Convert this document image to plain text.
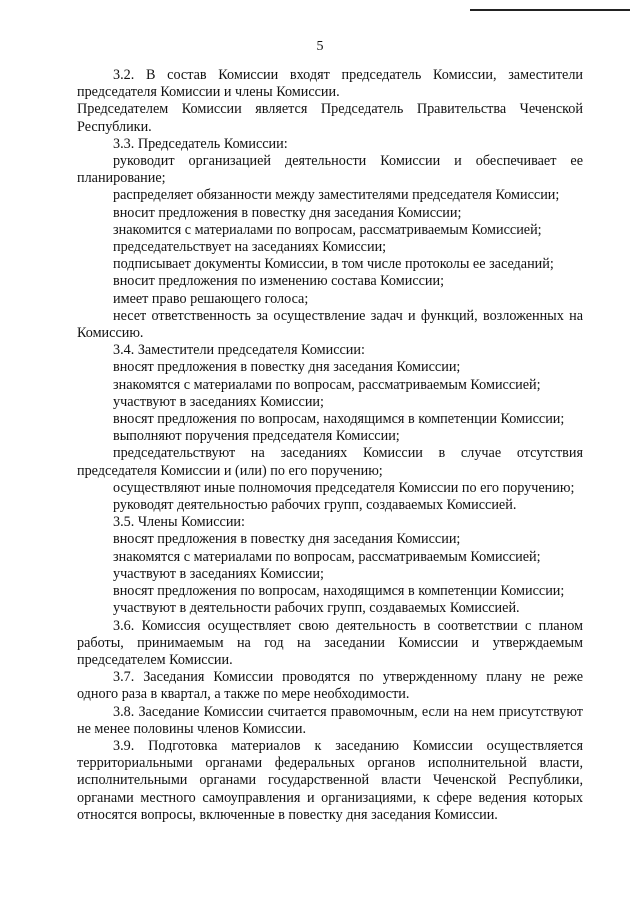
5

3.2. В состав Комиссии входят председатель Комиссии, заместители председателя Комиссии и члены Комиссии.

Председателем Комиссии является Председатель Правительства Чеченской Республики.

3.3. Председатель Комиссии:

руководит организацией деятельности Комиссии и обеспечивает ее планирование;

распределяет обязанности между заместителями председателя Комиссии;

вносит предложения в повестку дня заседания Комиссии;

знакомится с материалами по вопросам, рассматриваемым Комиссией;

председательствует на заседаниях Комиссии;

подписывает документы Комиссии, в том числе протоколы ее заседаний;

вносит предложения по изменению состава Комиссии;

имеет право решающего голоса;

несет ответственность за осуществление задач и функций, возложенных на Комиссию.

3.4. Заместители председателя Комиссии:

вносят предложения в повестку дня заседания Комиссии;

знакомятся с материалами по вопросам, рассматриваемым Комиссией;

участвуют в заседаниях Комиссии;

вносят предложения по вопросам, находящимся в компетенции Комиссии;

выполняют поручения председателя Комиссии;

председательствуют на заседаниях Комиссии в случае отсутствия председателя Комиссии и (или) по его поручению;

осуществляют иные полномочия председателя Комиссии по его поручению;

руководят деятельностью рабочих групп, создаваемых Комиссией.

3.5. Члены Комиссии:

вносят предложения в повестку дня заседания Комиссии;

знакомятся с материалами по вопросам, рассматриваемым Комиссией;

участвуют в заседаниях Комиссии;

вносят предложения по вопросам, находящимся в компетенции Комиссии;

участвуют в деятельности рабочих групп, создаваемых Комиссией.

3.6. Комиссия осуществляет свою деятельность в соответствии с планом работы, принимаемым на год на заседании Комиссии и утверждаемым председателем Комиссии.

3.7. Заседания Комиссии проводятся по утвержденному плану не реже одного раза в квартал, а также по мере необходимости.

3.8. Заседание Комиссии считается правомочным, если на нем присутствуют не менее половины членов Комиссии.

3.9. Подготовка материалов к заседанию Комиссии осуществляется территориальными органами федеральных органов исполнительной власти, исполнительными органами государственной власти Чеченской Республики, органами местного самоуправления и организациями, к сфере ведения которых относятся вопросы, включенные в повестку дня заседания Комиссии.
